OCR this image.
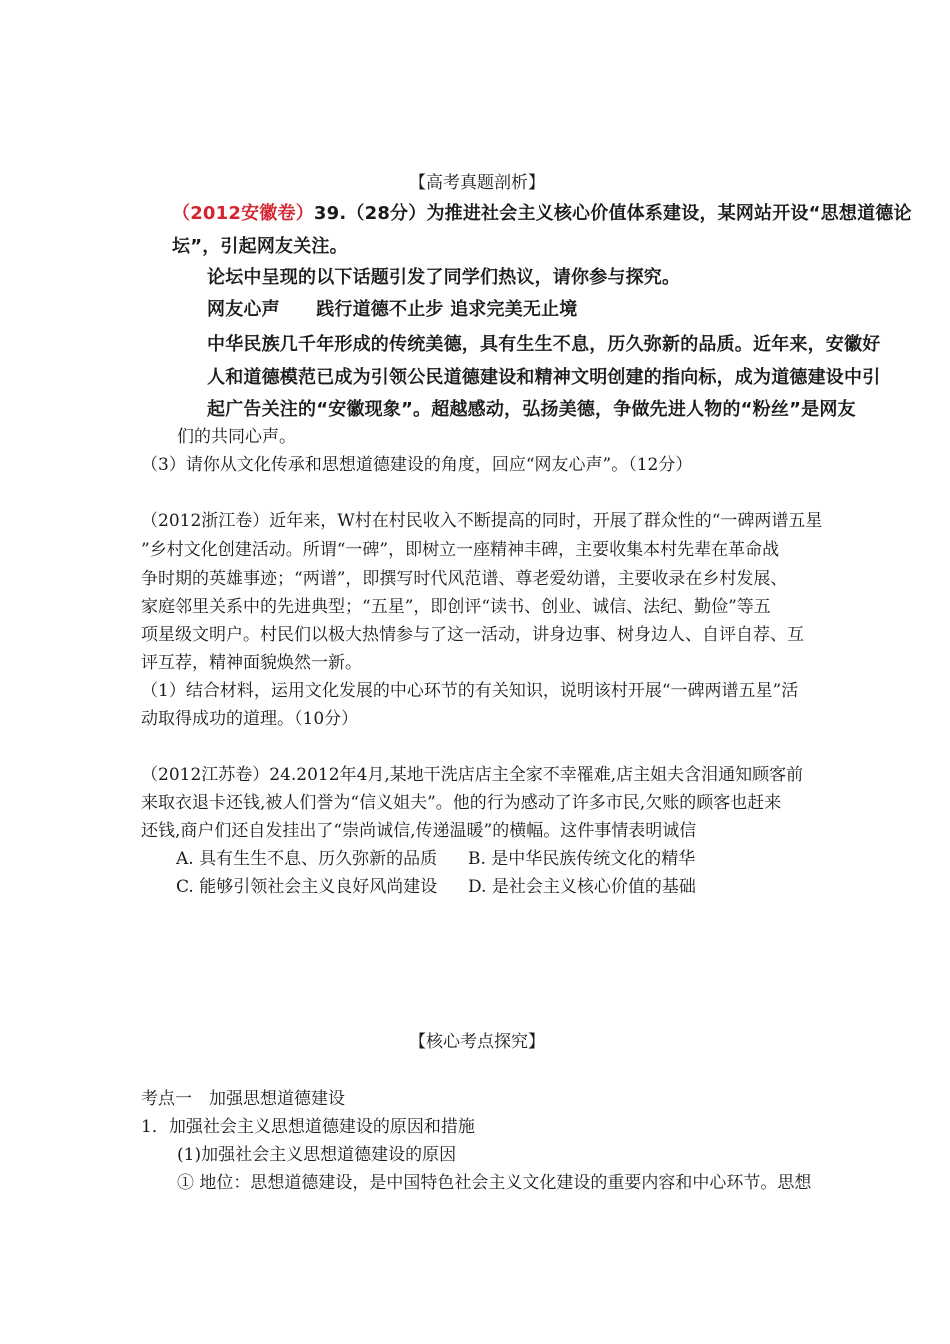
【高考真题剖析】
（2012安徽卷）39.（28分）为推进社会主义核心价值体系建设，某网站开设“思想道德论
坛”，引起网友关注。
论坛中呈现的以下话题引发了同学们热议，请你参与探究。
网友心声　　践行道德不止步 追求完美无止境
中华民族几千年形成的传统美德，具有生生不息，历久弥新的品质。近年来，安徽好
人和道德模范已成为引领公民道德建设和精神文明创建的指向标，成为道德建设中引
起广告关注的“安徽现象”。超越感动，弘扬美德，争做先进人物的“粉丝”是网友
们的共同心声。
（3）请你从文化传承和思想道德建设的角度，回应“网友心声”。（12分）
（2012浙江卷）近年来，W村在村民收入不断提高的同时，开展了群众性的“一碑两谱五星
”乡村文化创建活动。所谓“一碑”，即树立一座精神丰碑，主要收集本村先辈在革命战
争时期的英雄事迹；“两谱”，即撰写时代风范谱、尊老爱幼谱，主要收录在乡村发展、
家庭邻里关系中的先进典型；“五星”，即创评“读书、创业、诚信、法纪、勤俭”等五
项星级文明户。村民们以极大热情参与了这一活动，讲身边事、树身边人、自评自荐、互
评互荐，精神面貌焕然一新。
（1）结合材料，运用文化发展的中心环节的有关知识，说明该村开展“一碑两谱五星”活
动取得成功的道理。（10分）
（2012江苏卷）24.2012年4月,某地干洗店店主全家不幸罹难,店主姐夫含泪通知顾客前
来取衣退卡还钱,被人们誉为“信义姐夫”。他的行为感动了许多市民,欠账的顾客也赶来
还钱,商户们还自发挂出了“崇尚诚信,传递温暖”的横幅。这件事情表明诚信
A. 具有生生不息、历久弥新的品质 B. 是中华民族传统文化的精华
C. 能够引领社会主义良好风尚建设 D. 是社会主义核心价值的基础
【核心考点探究】
考点一　加强思想道德建设
1．加强社会主义思想道德建设的原因和措施
(1)加强社会主义思想道德建设的原因
① 地位：思想道德建设，是中国特色社会主义文化建设的重要内容和中心环节。思想
